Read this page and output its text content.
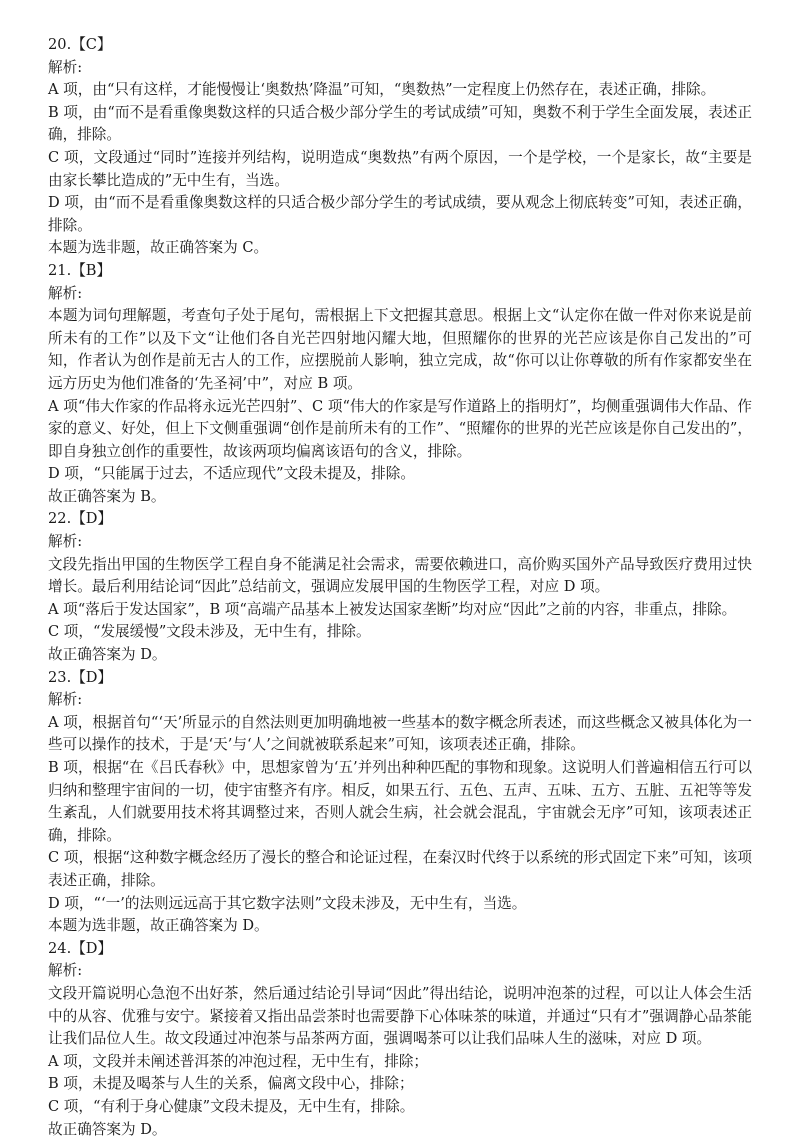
20.【C】

解析:

A 项，由“只有这样，才能慢慢让‘奥数热’降温”可知，“奥数热”一定程度上仍然存在，表述正确，排除。

B 项，由“而不是看重像奥数这样的只适合极少部分学生的考试成绩”可知，奥数不利于学生全面发展，表述正确，排除。

C 项，文段通过“同时”连接并列结构，说明造成“奥数热”有两个原因，一个是学校，一个是家长，故“主要是由家长攀比造成的”无中生有，当选。

D 项，由“而不是看重像奥数这样的只适合极少部分学生的考试成绩，要从观念上彻底转变”可知，表述正确，排除。

本题为选非题，故正确答案为 C。

21.【B】

解析:

本题为词句理解题，考查句子处于尾句，需根据上下文把握其意思。根据上文“认定你在做一件对你来说是前所未有的工作”以及下文“让他们各自光芒四射地闪耀大地，但照耀你的世界的光芒应该是你自己发出的”可知，作者认为创作是前无古人的工作，应摆脱前人影响，独立完成，故“你可以让你尊敬的所有作家都安坐在远方历史为他们准备的‘先圣祠’中”，对应 B 项。

A 项“伟大作家的作品将永远光芒四射”、C 项“伟大的作家是写作道路上的指明灯”，均侧重强调伟大作品、作家的意义、好处，但上下文侧重强调“创作是前所未有的工作”、“照耀你的世界的光芒应该是你自己发出的”，即自身独立创作的重要性，故该两项均偏离该语句的含义，排除。

D 项，“只能属于过去，不适应现代”文段未提及，排除。

故正确答案为 B。

22.【D】

解析:

文段先指出甲国的生物医学工程自身不能满足社会需求，需要依赖进口，高价购买国外产品导致医疗费用过快增长。最后利用结论词“因此”总结前文，强调应发展甲国的生物医学工程，对应 D 项。

A 项“落后于发达国家”，B 项“高端产品基本上被发达国家垄断”均对应“因此”之前的内容，非重点，排除。

C 项，“发展缓慢”文段未涉及，无中生有，排除。

故正确答案为 D。

23.【D】

解析:

A 项，根据首句“‘天’所显示的自然法则更加明确地被一些基本的数字概念所表述，而这些概念又被具体化为一些可以操作的技术，于是‘天’与‘人’之间就被联系起来”可知，该项表述正确，排除。

B 项，根据“在《吕氏春秋》中，思想家曾为‘五’并列出种种匹配的事物和现象。这说明人们普遍相信五行可以归纳和整理宇宙间的一切，使宇宙整齐有序。相反，如果五行、五色、五声、五味、五方、五脏、五祀等等发生紊乱，人们就要用技术将其调整过来，否则人就会生病，社会就会混乱，宇宙就会无序”可知，该项表述正确，排除。

C 项，根据“这种数字概念经历了漫长的整合和论证过程，在秦汉时代终于以系统的形式固定下来”可知，该项表述正确，排除。

D 项，“‘一’的法则远远高于其它数字法则”文段未涉及，无中生有，当选。

本题为选非题，故正确答案为 D。

24.【D】

解析:

文段开篇说明心急泡不出好茶，然后通过结论引导词“因此”得出结论，说明冲泡茶的过程，可以让人体会生活中的从容、优雅与安宁。紧接着又指出品尝茶时也需要静下心体味茶的味道，并通过“只有才”强调静心品茶能让我们品位人生。故文段通过冲泡茶与品茶两方面，强调喝茶可以让我们品味人生的滋味，对应 D 项。

A 项，文段并未阐述普洱茶的冲泡过程，无中生有，排除；

B 项，未提及喝茶与人生的关系，偏离文段中心，排除；

C 项，“有利于身心健康”文段未提及，无中生有，排除。

故正确答案为 D。
